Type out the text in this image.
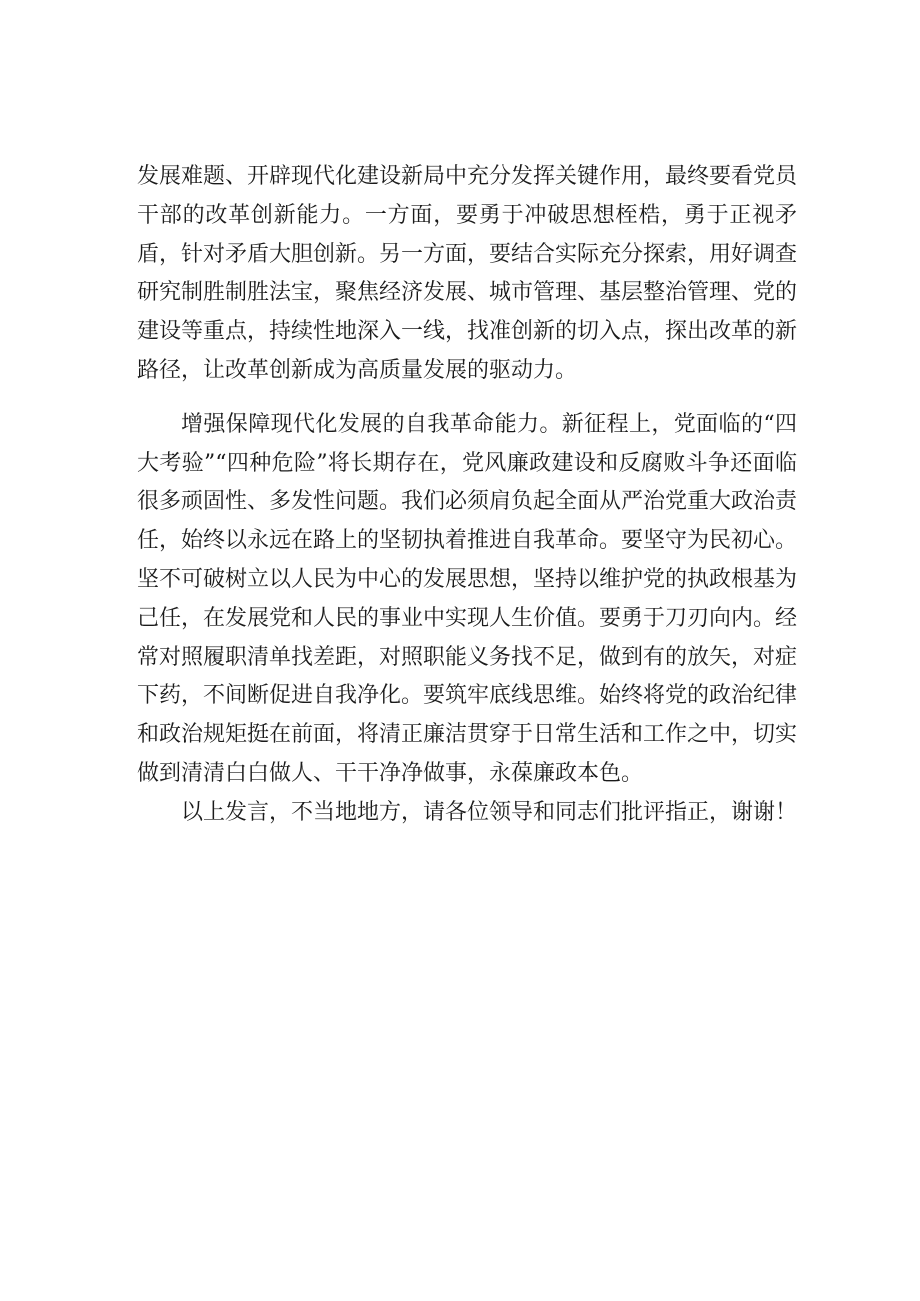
发展难题、开辟现代化建设新局中充分发挥关键作用，最终要看党员干部的改革创新能力。一方面，要勇于冲破思想桎梏，勇于正视矛盾，针对矛盾大胆创新。另一方面，要结合实际充分探索，用好调查研究制胜制胜法宝，聚焦经济发展、城市管理、基层整治管理、党的建设等重点，持续性地深入一线，找准创新的切入点，探出改革的新路径，让改革创新成为高质量发展的驱动力。

增强保障现代化发展的自我革命能力。新征程上，党面临的“四大考验”“四种危险”将长期存在，党风廉政建设和反腐败斗争还面临很多顽固性、多发性问题。我们必须肩负起全面从严治党重大政治责任，始终以永远在路上的坚韧执着推进自我革命。要坚守为民初心。坚不可破树立以人民为中心的发展思想，坚持以维护党的执政根基为己任，在发展党和人民的事业中实现人生价值。要勇于刀刃向内。经常对照履职清单找差距，对照职能义务找不足，做到有的放矢，对症下药，不间断促进自我净化。要筑牢底线思维。始终将党的政治纪律和政治规矩挺在前面，将清正廉洁贯穿于日常生活和工作之中，切实做到清清白白做人、干干净净做事，永葆廉政本色。

以上发言，不当地地方，请各位领导和同志们批评指正，谢谢！
